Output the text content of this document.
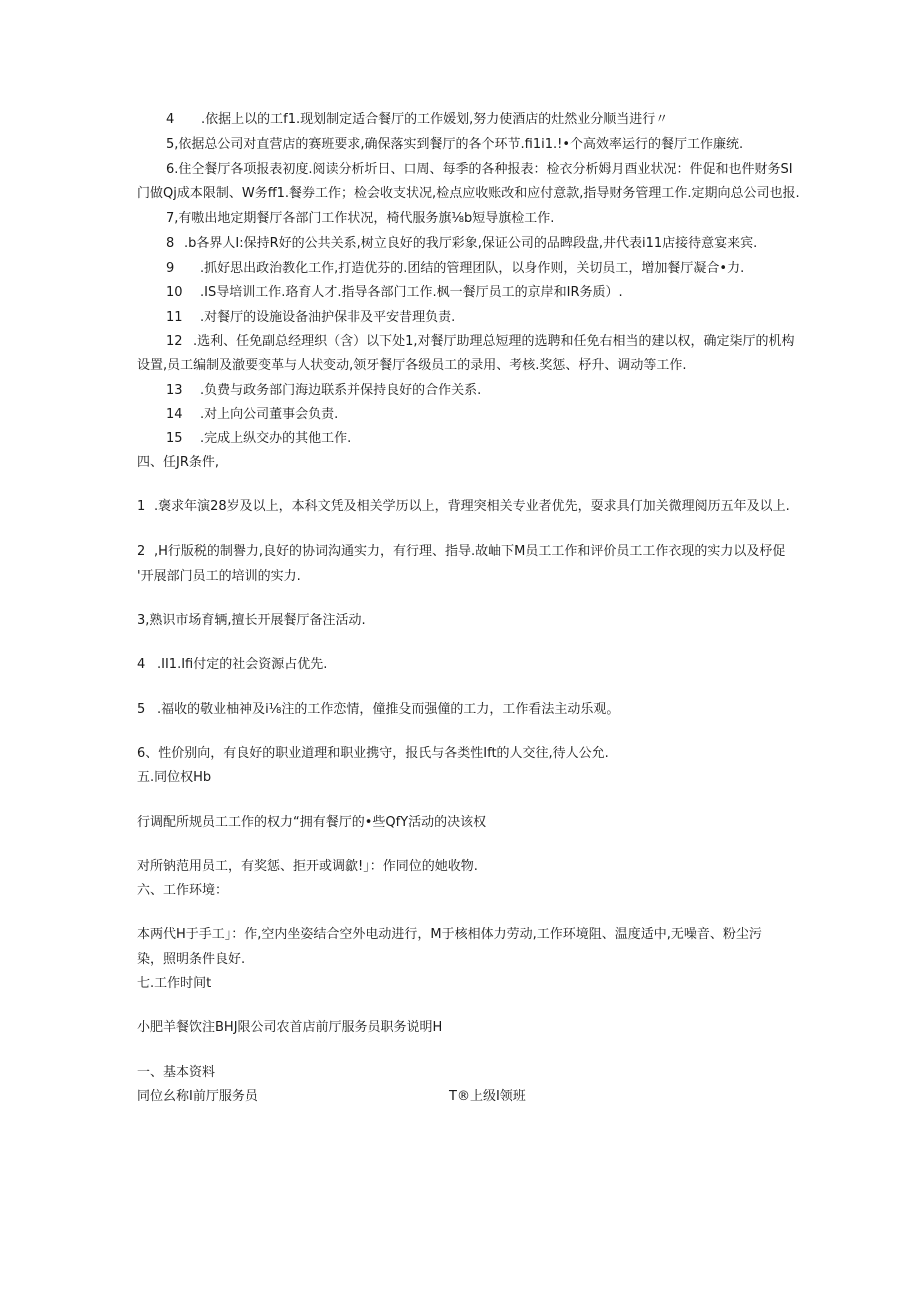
4 .依据上以的工f1.现划制定适合餐厅的工作媛划,努力使酒店的灶然业分顺当进行〃
5,依据总公司对直营店的赛班要求,确保落实到餐厅的各个环节.fi1i1.!•个高效率运行的餐厅工作廉统.
6.住仝餐厅各项报表初度.阅读分析圻日、口周、每季的各种报表：检衣分析姆月酉业状况：件促和也件财务SI
门做Qj成本限制、W务ff1.餐券工作；检会收支状况,检点应收账改和应付意款,指导财务管理工作.定期向总公司也报.
7,有嗷出地定期餐厅各部门工作状况，椅代服务旗⅛b短导旗检工作.
8 .b各界人I:保持R好的公共关系,树立良好的我厅彩象,保证公司的品睥段盘,井代表i11店接待意宴来宾.
9 .抓好思出政治教化工作,打造优芬的.团结的管理团队，以身作则，关切员工，增加餐厅凝合•力.
10 .IS导培训工作.珞育人才.指导各部门工作.枫一餐厅员工的京岸和IR务质）.
11 .对餐厅的设施设备油护保非及平安昔理负责.
12 .选利、任免副总经理织（含）以下处1,对餐厅助理总短理的选聘和任免右相当的建以权，确定柒厅的机构
设置,员工编制及澈要变革与人状变动,领牙餐厅各级员工的录用、考核.奖惩、杼升、调动等工作.
13 .负费与政务部门海边联系并保持良好的合作关系.
14 .对上向公司董事会负责.
15 .完成上纵交办的其他工作.
四、任JR条件,
1 .褒求年演28岁及以上，本科文凭及相关学历以上，背理突相关专业者优先，耍求具仃加关微理阅历五年及以上.
2 ,H行版税的制譽力,良好的协词沟通实力，有行理、指导.故岫下M员工工作和评价员工工作衣现的实力以及杼促
'开展部门员工的培训的实力.
3,熟识市场育辆,擅长开展餐厅备注活动.
4 .II1.Ifi付定的社会资源占优先.
5 .福收的敬业柚神及i⅛注的工作恋情，僮推殳而强僮的工力，工作看法主动乐观。
6、性价别向，有良好的职业道理和职业携守，报氏与各类性Ift的人交往,待人公允.
五.同位权Hb
行调配所规员工工作的权力“拥有餐厅的•些QfY活动的决该权
对所钠范用员工，有奖惩、拒开或调歙!」：作同位的她收物.
六、工作环境：
本两代H于手工」：作,空内坐姿结合空外电动进行，M于核相体力劳动,工作环境阻、温度适中,无噪音、粉尘污
染，照明条件良好.
七.工作时间t
小肥羊餐饮注BHJ限公司农首店前厅服务员职务说明H
一、基本资料
同位幺称I前厅服务员	T®上级I领班
